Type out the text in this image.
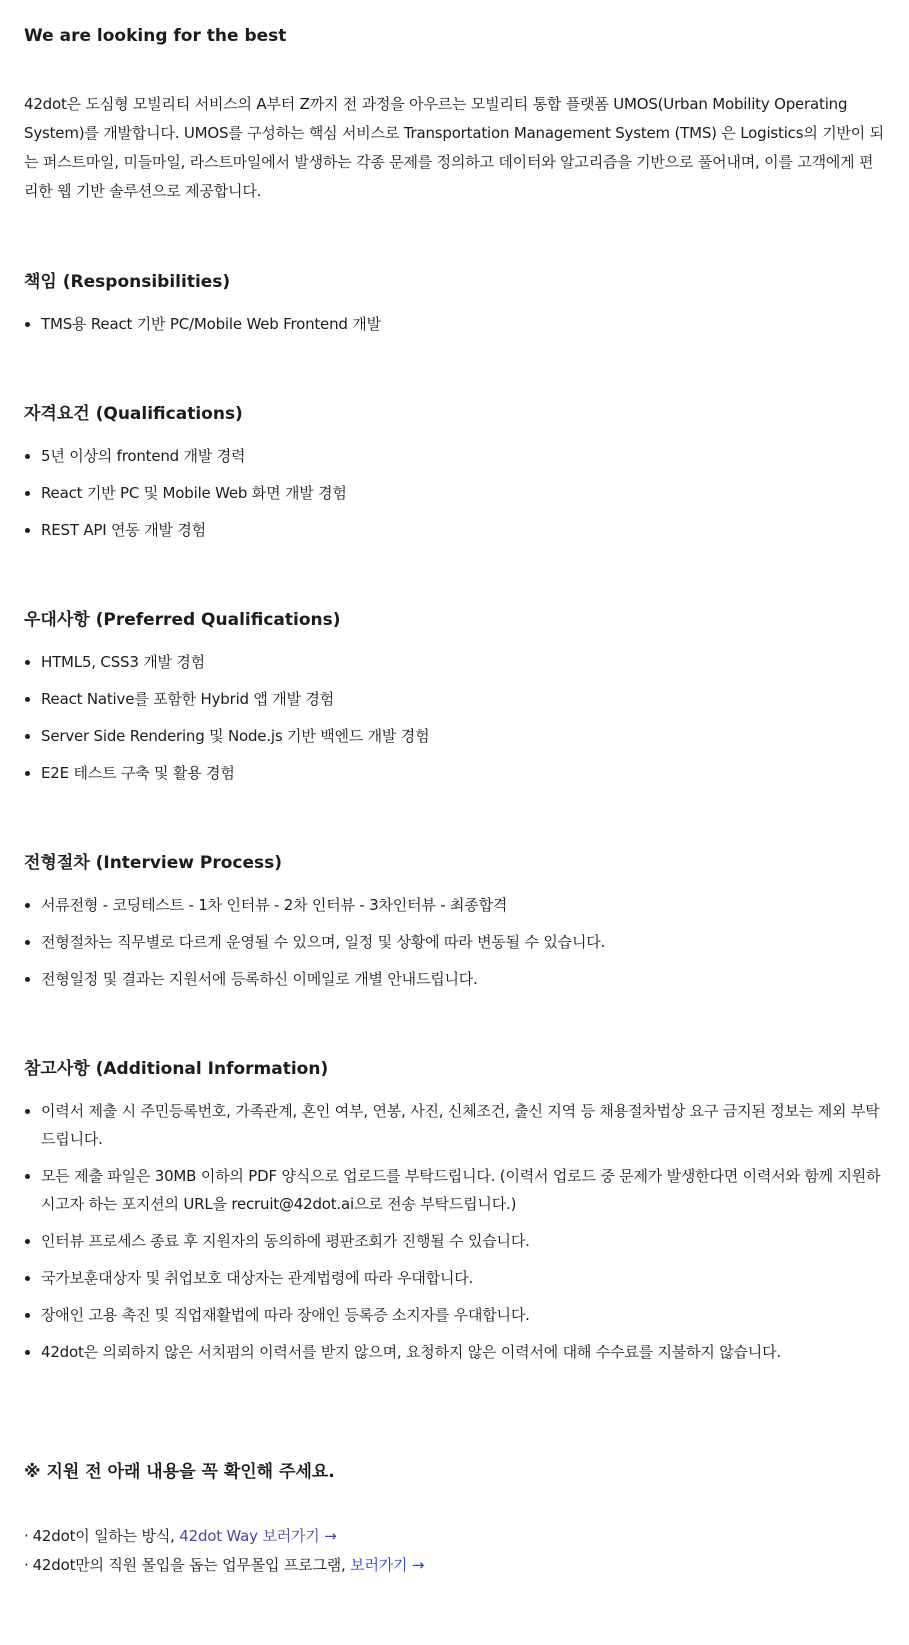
We are looking for the best

42dot은 도심형 모빌리티 서비스의 A부터 Z까지 전 과정을 아우르는 모빌리티 통합 플랫폼 UMOS(Urban Mobility Operating System)를 개발합니다. UMOS를 구성하는 핵심 서비스로 Transportation Management System (TMS) 은 Logistics의 기반이 되는 퍼스트마일, 미들마일, 라스트마일에서 발생하는 각종 문제를 정의하고 데이터와 알고리즘을 기반으로 풀어내며, 이를 고객에게 편리한 웹 기반 솔루션으로 제공합니다.

책임 (Responsibilities)
TMS용 React 기반 PC/Mobile Web Frontend 개발
자격요건 (Qualifications)
5년 이상의 frontend 개발 경력
React 기반 PC 및 Mobile Web 화면 개발 경험
REST API 연동 개발 경험
우대사항 (Preferred Qualifications)
HTML5, CSS3 개발 경험
React Native를 포함한 Hybrid 앱 개발 경험
Server Side Rendering 및 Node.js 기반 백엔드 개발 경험
E2E 테스트 구축 및 활용 경험
전형절차 (Interview Process)
서류전형 - 코딩테스트 - 1차 인터뷰 - 2차 인터뷰 - 3차인터뷰 - 최종합격
전형절차는 직무별로 다르게 운영될 수 있으며, 일정 및 상황에 따라 변동될 수 있습니다.
전형일정 및 결과는 지원서에 등록하신 이메일로 개별 안내드립니다.
참고사항 (Additional Information)
이력서 제출 시 주민등록번호, 가족관계, 혼인 여부, 연봉, 사진, 신체조건, 출신 지역 등 채용절차법상 요구 금지된 정보는 제외 부탁드립니다.
모든 제출 파일은 30MB 이하의 PDF 양식으로 업로드를 부탁드립니다. (이력서 업로드 중 문제가 발생한다면 이력서와 함께 지원하시고자 하는 포지션의 URL을 recruit@42dot.ai으로 전송 부탁드립니다.)
인터뷰 프로세스 종료 후 지원자의 동의하에 평판조회가 진행될 수 있습니다.
국가보훈대상자 및 취업보호 대상자는 관계법령에 따라 우대합니다.
장애인 고용 촉진 및 직업재활법에 따라 장애인 등록증 소지자를 우대합니다.
42dot은 의뢰하지 않은 서치펌의 이력서를 받지 않으며, 요청하지 않은 이력서에 대해 수수료를 지불하지 않습니다.
※ 지원 전 아래 내용을 꼭 확인해 주세요.
· 42dot이 일하는 방식, 42dot Way 보러가기 →
· 42dot만의 직원 몰입을 돕는 업무몰입 프로그램, 보러가기 →
